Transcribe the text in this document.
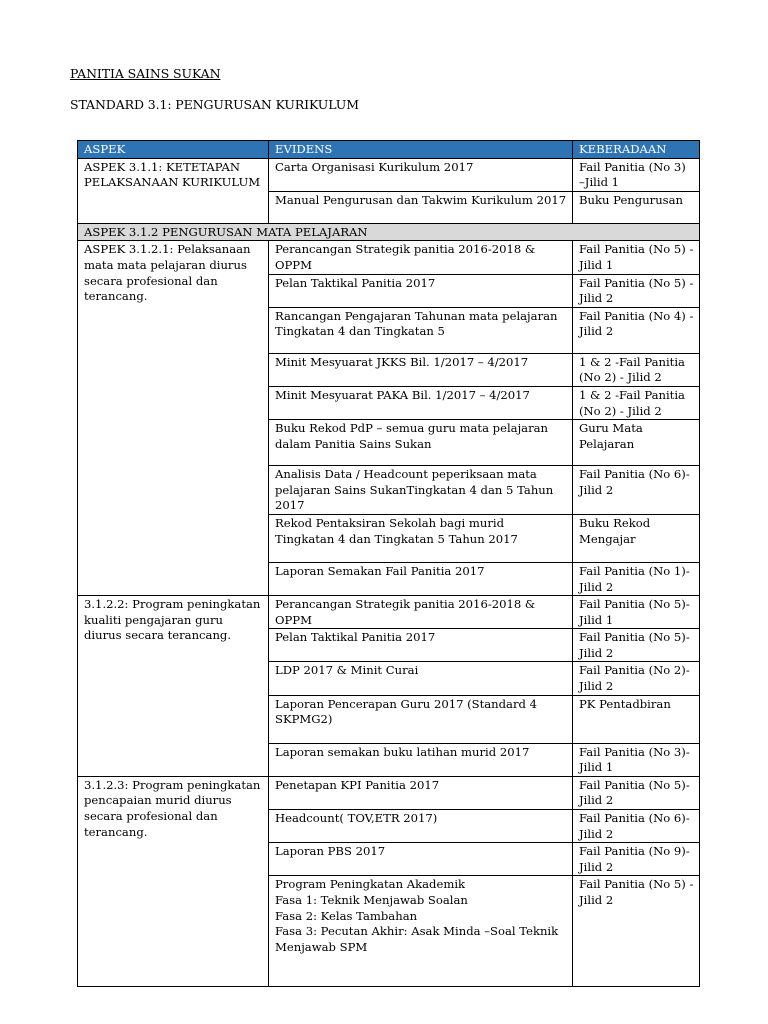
PANITIA SAINS SUKAN
STANDARD 3.1: PENGURUSAN KURIKULUM
ASPEK	EVIDENS	KEBERADAAN
ASPEK 3.1.1: KETETAPAN PELAKSANAAN KURIKULUM	Carta Organisasi Kurikulum 2017	Fail Panitia (No 3) –Jilid 1
	Manual Pengurusan dan Takwim Kurikulum 2017	Buku Pengurusan
ASPEK 3.1.2 PENGURUSAN MATA PELAJARAN		
ASPEK 3.1.2.1: Pelaksanaan mata mata pelajaran diurus secara profesional dan terancang.	Perancangan Strategik panitia 2016-2018 & OPPM	Fail Panitia (No 5) - Jilid 1
	Pelan Taktikal Panitia 2017	Fail Panitia (No 5) - Jilid 2
	Rancangan Pengajaran Tahunan mata pelajaran Tingkatan 4 dan Tingkatan 5	Fail Panitia (No 4) - Jilid 2
	Minit Mesyuarat JKKS Bil. 1/2017 – 4/2017	1 & 2 -Fail Panitia (No 2) - Jilid 2
	Minit Mesyuarat PAKA Bil. 1/2017 – 4/2017	1 & 2 -Fail Panitia (No 2) - Jilid 2
	Buku Rekod PdP – semua guru mata pelajaran dalam Panitia Sains Sukan	Guru Mata Pelajaran
	Analisis Data / Headcount peperiksaan mata pelajaran Sains SukanTingkatan 4 dan 5 Tahun 2017	Fail Panitia (No 6)- Jilid 2
	Rekod Pentaksiran Sekolah bagi murid Tingkatan 4 dan Tingkatan 5 Tahun 2017	Buku Rekod Mengajar
	Laporan Semakan Fail Panitia 2017	Fail Panitia (No 1)-Jilid 2
3.1.2.2: Program peningkatan kualiti pengajaran guru diurus secara terancang.	Perancangan Strategik panitia 2016-2018 & OPPM	Fail Panitia (No 5)- Jilid 1
	Pelan Taktikal Panitia 2017	Fail Panitia (No 5)- Jilid 2
	LDP 2017 & Minit Curai	Fail Panitia (No 2)- Jilid 2
	Laporan Pencerapan Guru 2017 (Standard 4 SKPMG2)	PK Pentadbiran
	Laporan semakan buku latihan murid 2017	Fail Panitia (No 3)-Jilid 1
3.1.2.3: Program peningkatan pencapaian murid diurus secara profesional dan terancang.	Penetapan KPI Panitia 2017	Fail Panitia (No 5)- Jilid 2
	Headcount( TOV,ETR 2017)	Fail Panitia (No 6)- Jilid 2
	Laporan PBS 2017	Fail Panitia (No 9)- Jilid 2
	Program Peningkatan Akademik
Fasa 1: Teknik Menjawab Soalan
Fasa 2: Kelas Tambahan
Fasa 3: Pecutan Akhir: Asak Minda –Soal Teknik Menjawab SPM	Fail Panitia (No 5) - Jilid 2
